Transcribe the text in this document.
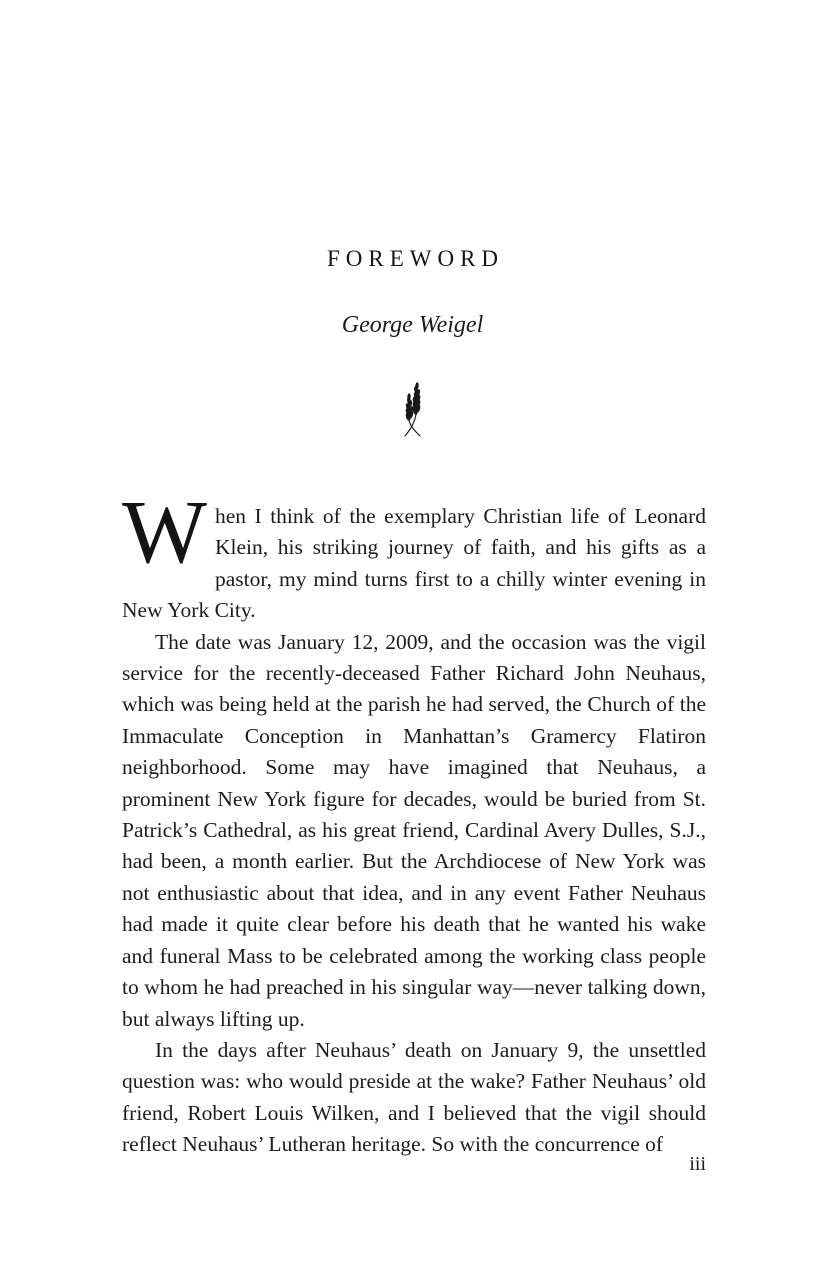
FOREWORD
George Weigel

When I think of the exemplary Christian life of Leonard Klein, his striking journey of faith, and his gifts as a pastor, my mind turns first to a chilly winter evening in New York City.

The date was January 12, 2009, and the occasion was the vigil service for the recently-deceased Father Richard John Neuhaus, which was being held at the parish he had served, the Church of the Immaculate Conception in Manhattan’s Gramercy Flatiron neighborhood. Some may have imagined that Neuhaus, a prominent New York figure for decades, would be buried from St. Patrick’s Cathedral, as his great friend, Cardinal Avery Dulles, S.J., had been, a month earlier. But the Archdiocese of New York was not enthusiastic about that idea, and in any event Father Neuhaus had made it quite clear before his death that he wanted his wake and funeral Mass to be celebrated among the working class people to whom he had preached in his singular way—never talking down, but always lifting up.

In the days after Neuhaus’ death on January 9, the unsettled question was: who would preside at the wake? Father Neuhaus’ old friend, Robert Louis Wilken, and I believed that the vigil should reflect Neuhaus’ Lutheran heritage. So with the concurrence of

iii
